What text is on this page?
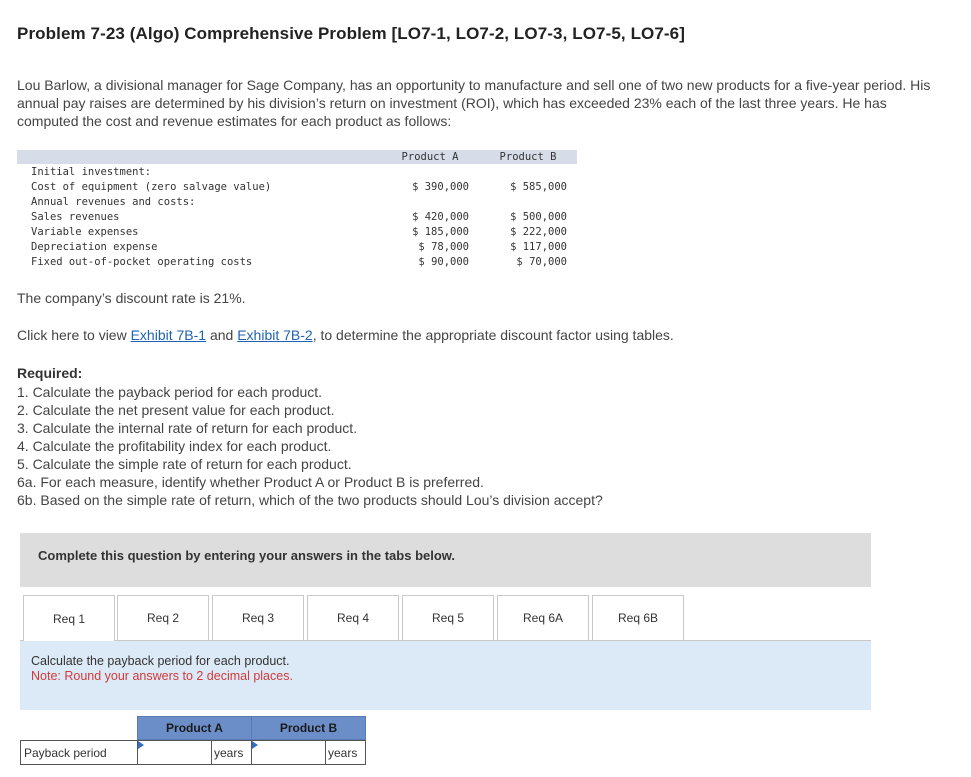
Problem 7-23 (Algo) Comprehensive Problem [LO7-1, LO7-2, LO7-3, LO7-5, LO7-6]
Lou Barlow, a divisional manager for Sage Company, has an opportunity to manufacture and sell one of two new products for a five-year period. His annual pay raises are determined by his division’s return on investment (ROI), which has exceeded 23% each of the last three years. He has computed the cost and revenue estimates for each product as follows:
Product A	Product B
Initial investment:
Cost of equipment (zero salvage value)	$ 390,000	$ 585,000
Annual revenues and costs:
Sales revenues	$ 420,000	$ 500,000
Variable expenses	$ 185,000	$ 222,000
Depreciation expense	$ 78,000	$ 117,000
Fixed out-of-pocket operating costs	$ 90,000	$ 70,000
The company’s discount rate is 21%.
Click here to view Exhibit 7B-1 and Exhibit 7B-2, to determine the appropriate discount factor using tables.
Required:
1. Calculate the payback period for each product.
2. Calculate the net present value for each product.
3. Calculate the internal rate of return for each product.
4. Calculate the profitability index for each product.
5. Calculate the simple rate of return for each product.
6a. For each measure, identify whether Product A or Product B is preferred.
6b. Based on the simple rate of return, which of the two products should Lou’s division accept?
Complete this question by entering your answers in the tabs below.
Req 1	Req 2	Req 3	Req 4	Req 5	Req 6A	Req 6B
Calculate the payback period for each product.
Note: Round your answers to 2 decimal places.
Product A	Product B
Payback period	years	years
